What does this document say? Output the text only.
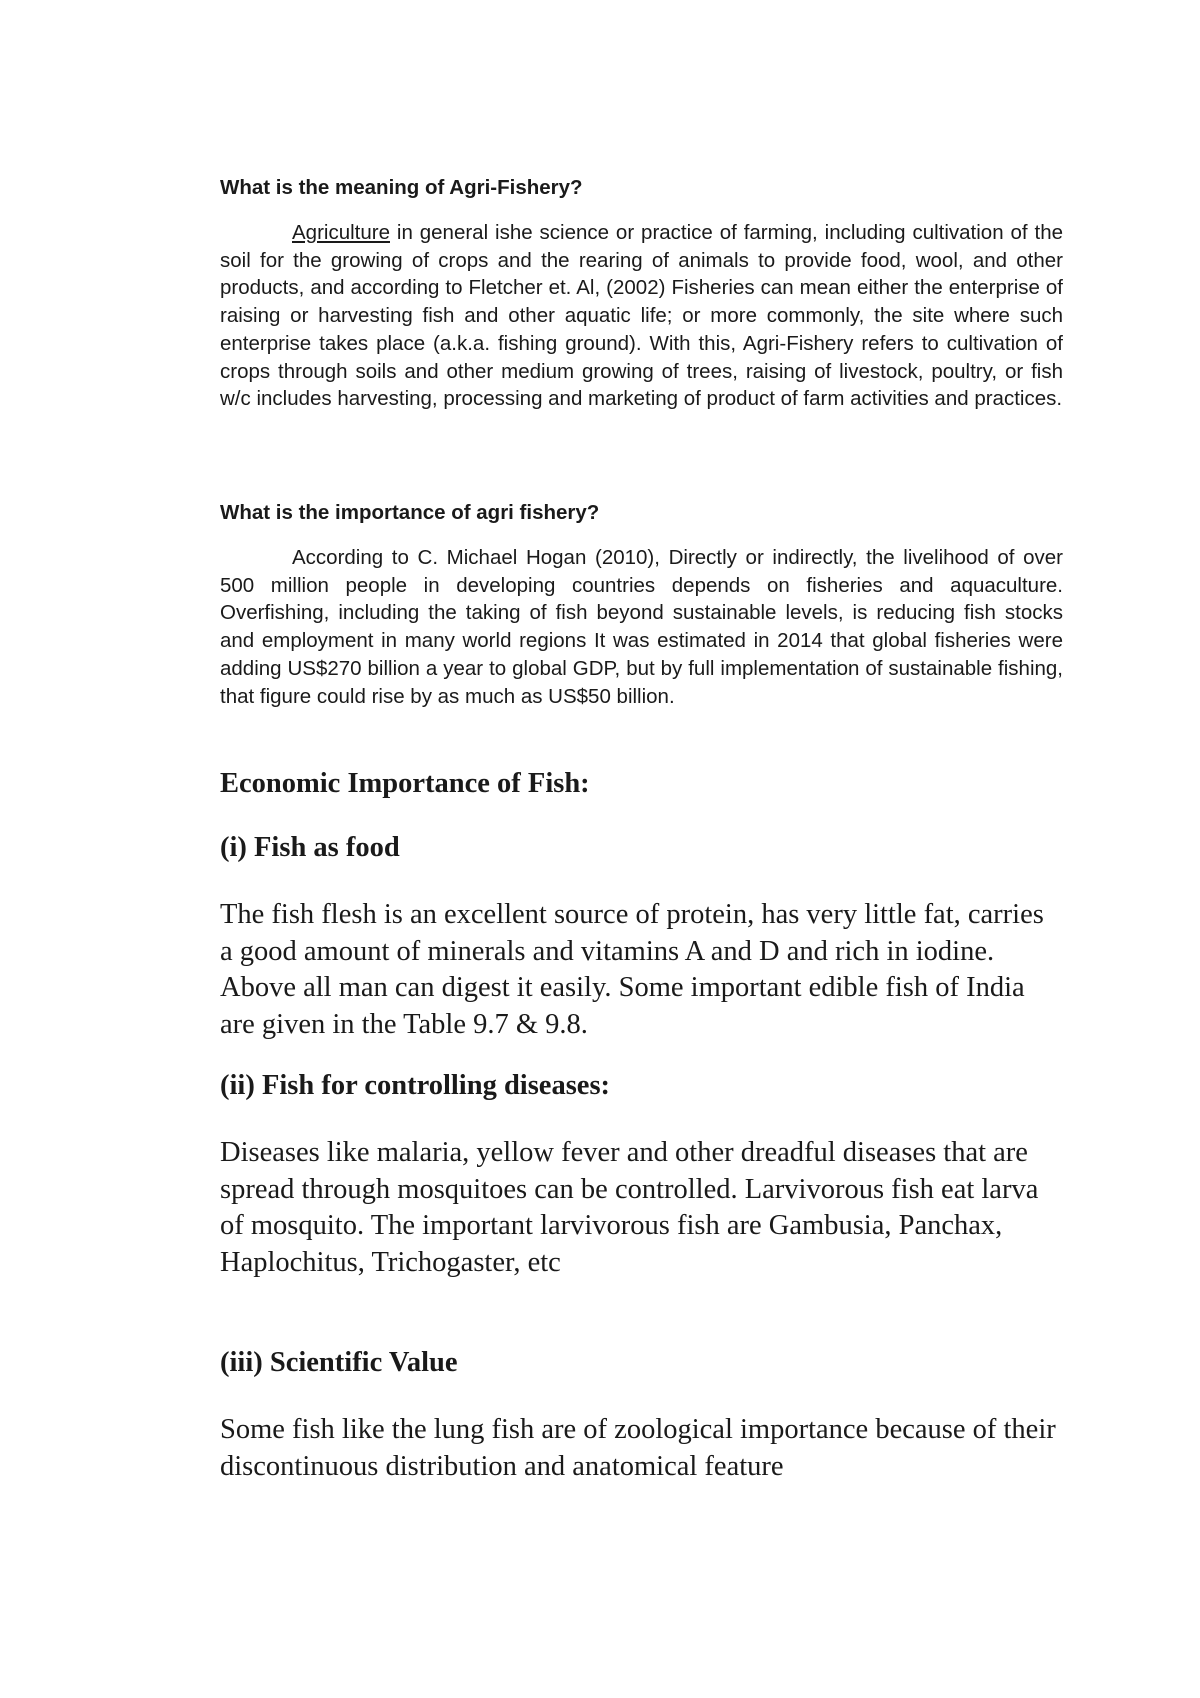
What is the meaning of Agri-Fishery?

Agriculture in general ishe science or practice of farming, including cultivation of the soil for the growing of crops and the rearing of animals to provide food, wool, and other products, and according to Fletcher et. Al, (2002) Fisheries can mean either the enterprise of raising or harvesting fish and other aquatic life; or more commonly, the site where such enterprise takes place (a.k.a. fishing ground). With this, Agri-Fishery refers to cultivation of crops through soils and other medium growing of trees, raising of livestock, poultry, or fish w/c includes harvesting, processing and marketing of product of farm activities and practices.

What is the importance of agri fishery?

According to C. Michael Hogan (2010), Directly or indirectly, the livelihood of over 500 million people in developing countries depends on fisheries and aquaculture. Overfishing, including the taking of fish beyond sustainable levels, is reducing fish stocks and employment in many world regions It was estimated in 2014 that global fisheries were adding US$270 billion a year to global GDP, but by full implementation of sustainable fishing, that figure could rise by as much as US$50 billion.

Economic Importance of Fish:
(i) Fish as food

The fish flesh is an excellent source of protein, has very little fat, carries a good amount of minerals and vitamins A and D and rich in iodine. Above all man can digest it easily. Some important edible fish of India are given in the Table 9.7 & 9.8.

(ii) Fish for controlling diseases:

Diseases like malaria, yellow fever and other dreadful diseases that are spread through mosquitoes can be controlled. Larvivorous fish eat larva of mosquito. The important larvivorous fish are Gambusia, Panchax, Haplochitus, Trichogaster, etc

(iii) Scientific Value

Some fish like the lung fish are of zoological importance because of their discontinuous distribution and anatomical feature
